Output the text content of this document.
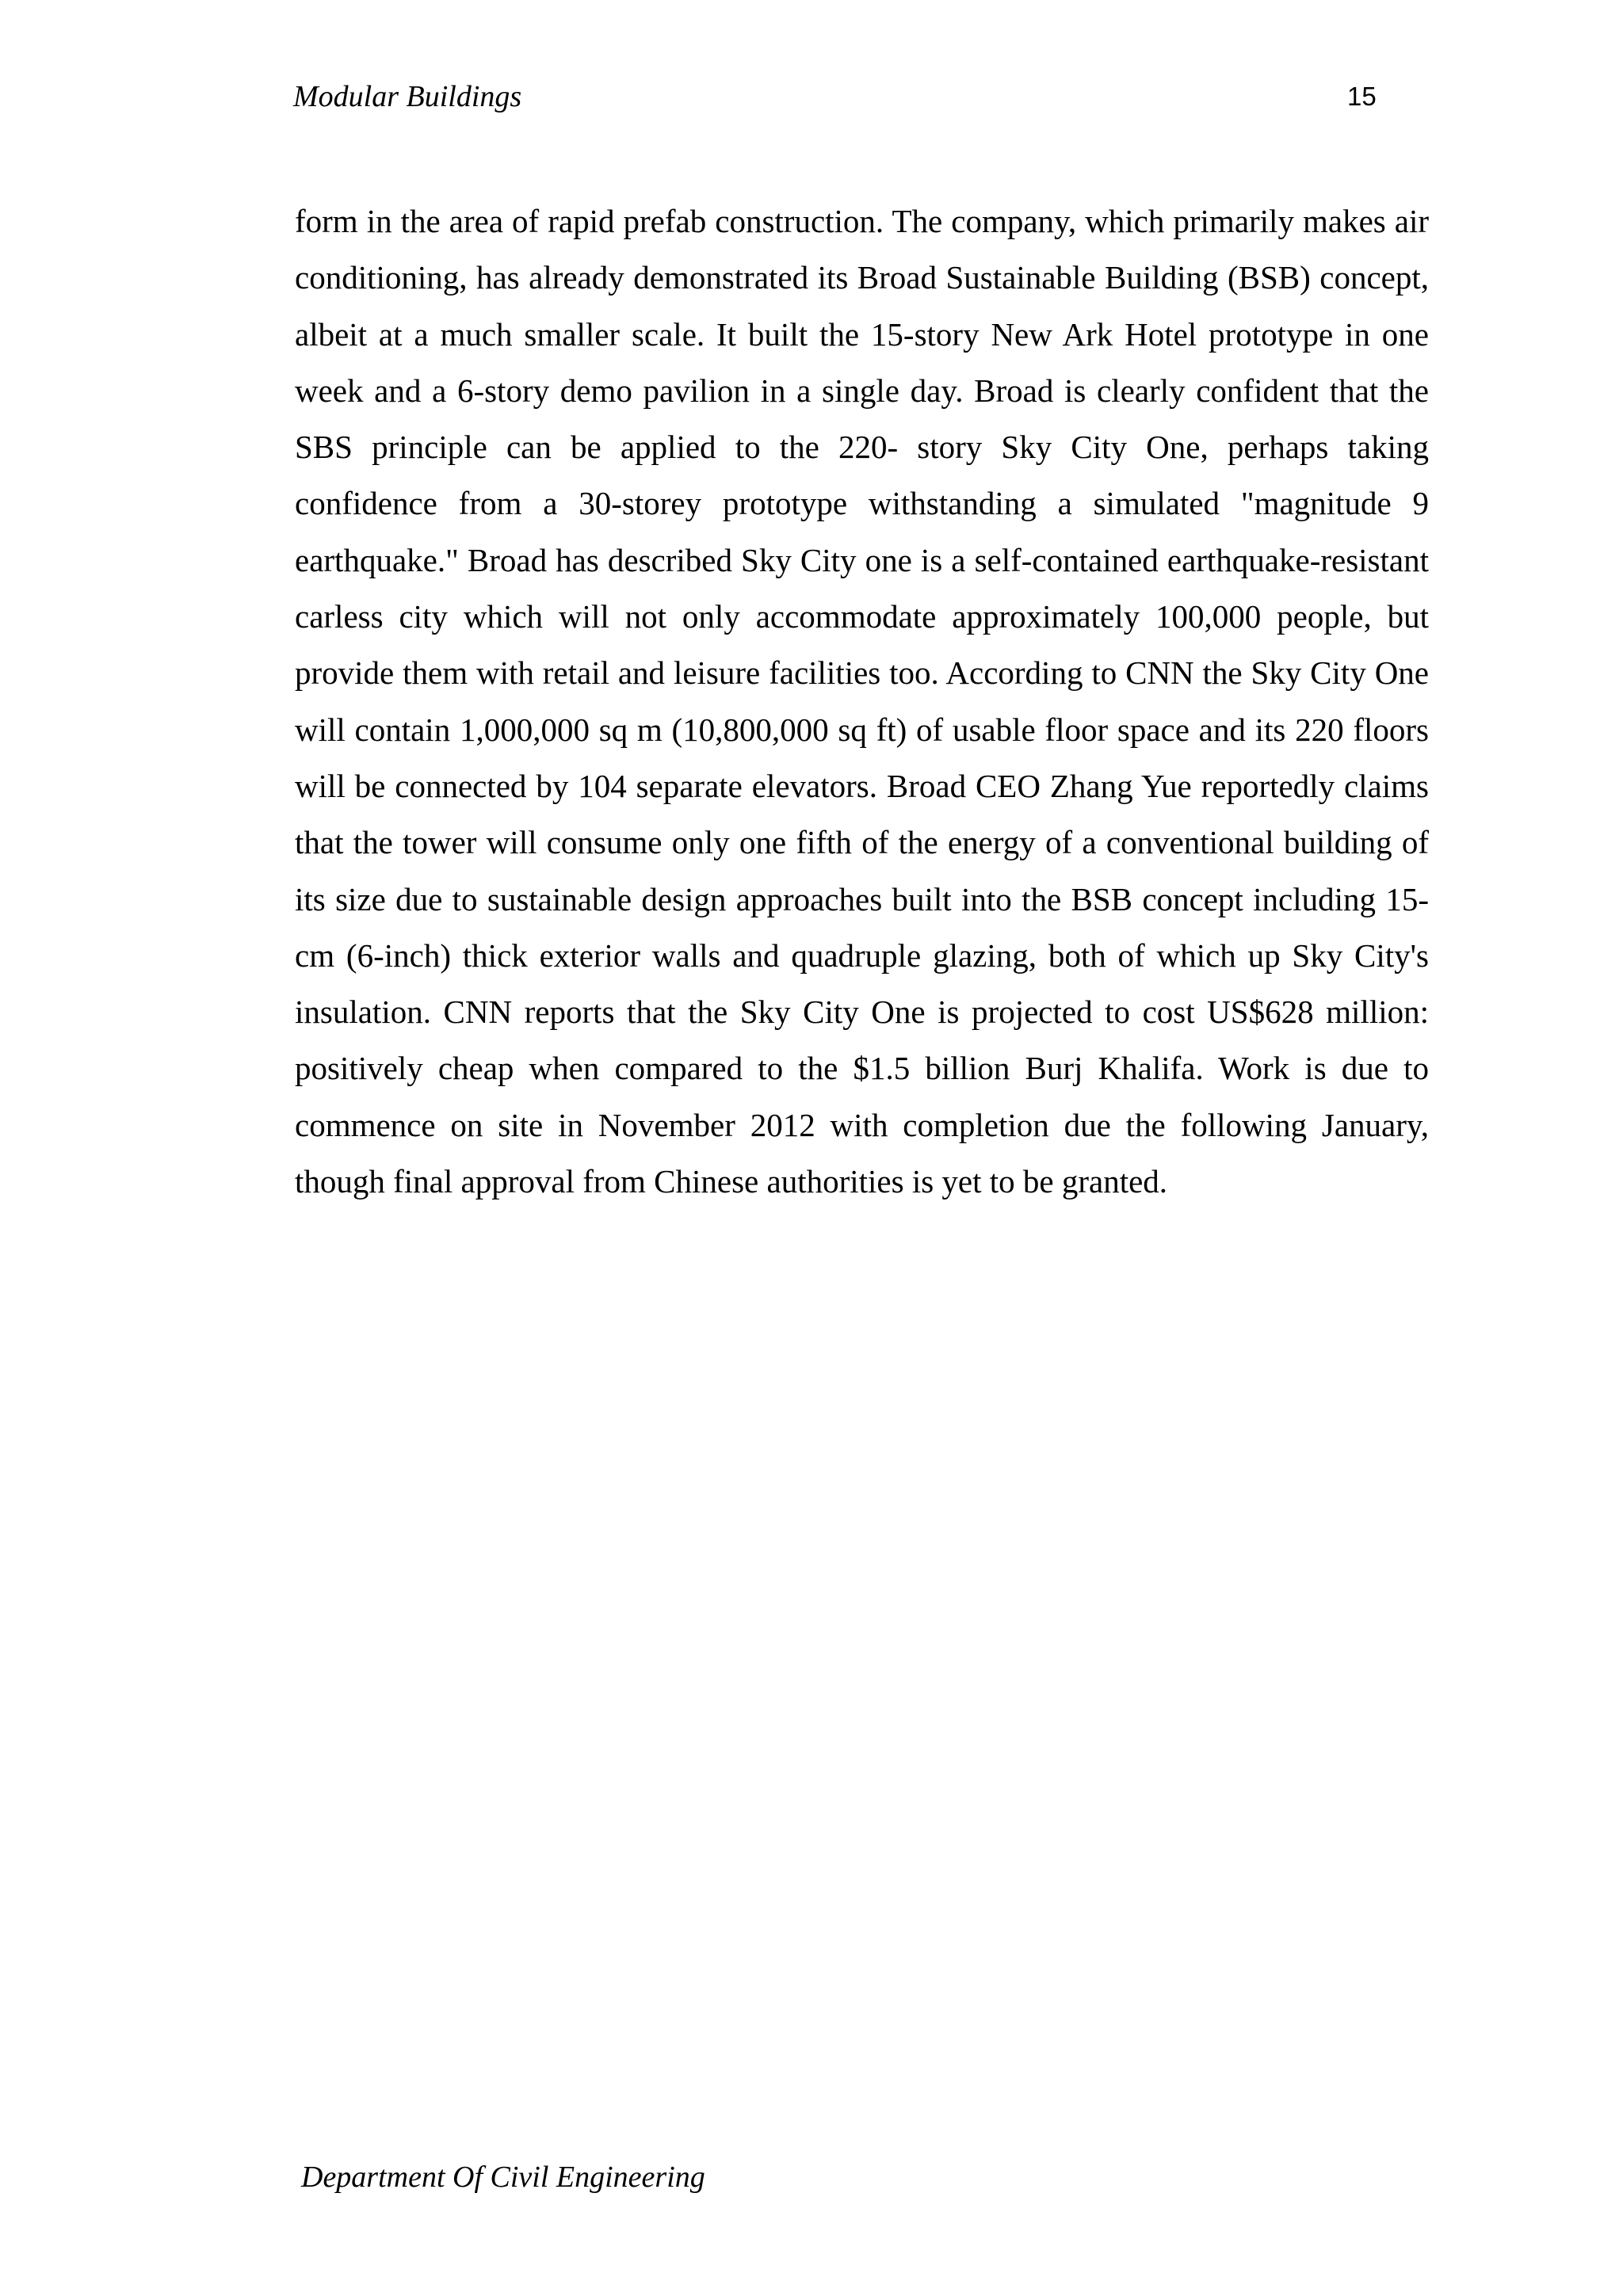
Modular Buildings	15

form in the area of rapid prefab construction. The company, which primarily makes air conditioning, has already demonstrated its Broad Sustainable Building (BSB) concept, albeit at a much smaller scale. It built the 15-story New Ark Hotel prototype in one week and a 6-story demo pavilion in a single day. Broad is clearly confident that the SBS principle can be applied to the 220- story Sky City One, perhaps taking confidence from a 30-storey prototype withstanding a simulated "magnitude 9 earthquake." Broad has described Sky City one is a self-contained earthquake-resistant carless city which will not only accommodate approximately 100,000 people, but provide them with retail and leisure facilities too. According to CNN the Sky City One will contain 1,000,000 sq m (10,800,000 sq ft) of usable floor space and its 220 floors will be connected by 104 separate elevators. Broad CEO Zhang Yue reportedly claims that the tower will consume only one fifth of the energy of a conventional building of its size due to sustainable design approaches built into the BSB concept including 15-cm (6-inch) thick exterior walls and quadruple glazing, both of which up Sky City's insulation. CNN reports that the Sky City One is projected to cost US$628 million: positively cheap when compared to the $1.5 billion Burj Khalifa. Work is due to commence on site in November 2012 with completion due the following January, though final approval from Chinese authorities is yet to be granted.

Department Of Civil Engineering
